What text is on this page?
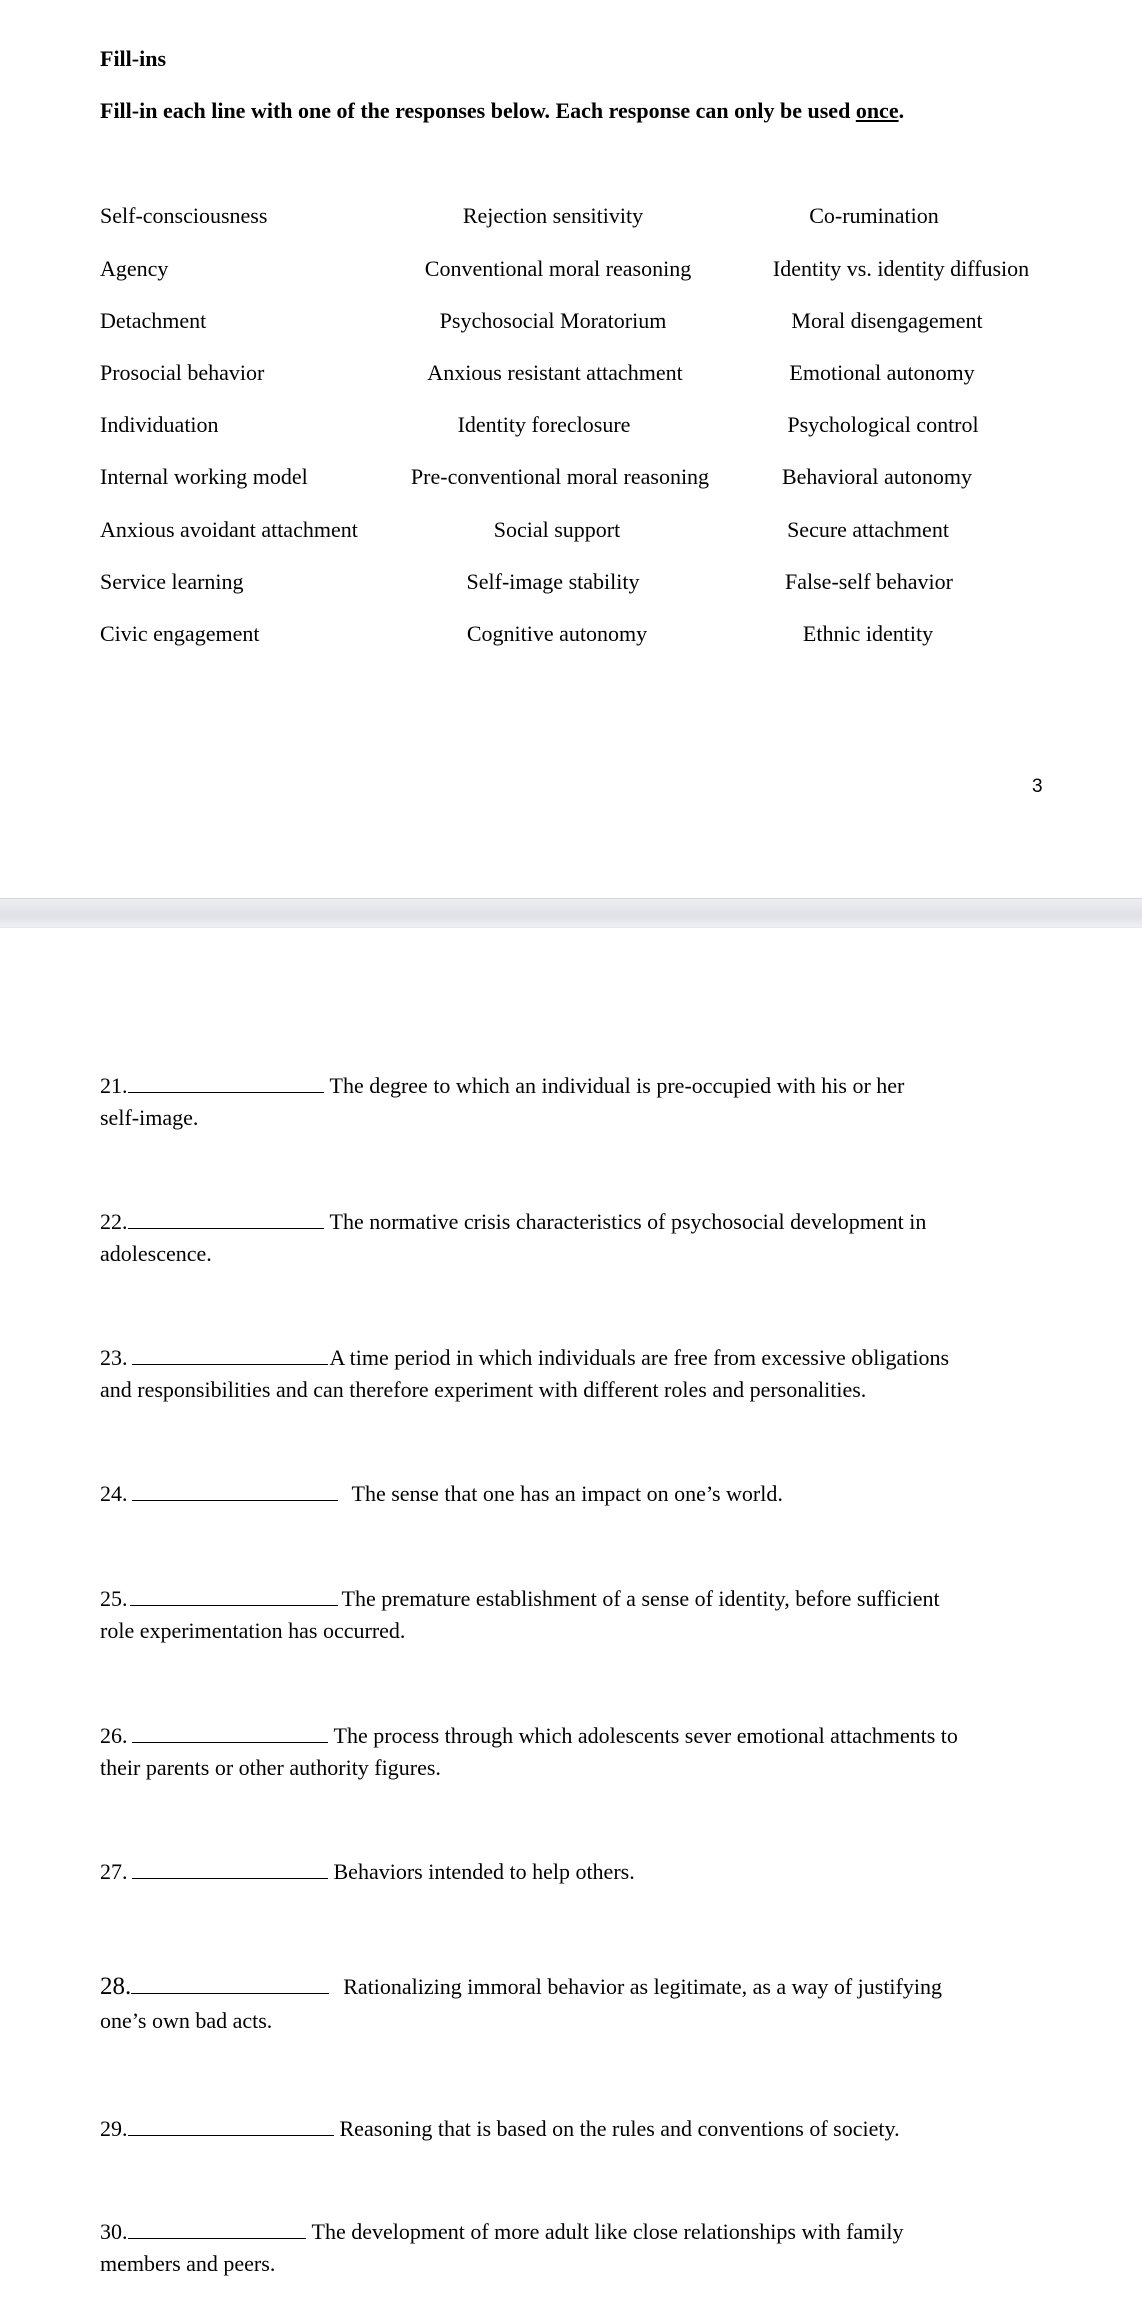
Fill-ins
Fill-in each line with one of the responses below. Each response can only be used once.
Self-consciousness	Rejection sensitivity	Co-rumination
Agency	Conventional moral reasoning	Identity vs. identity diffusion
Detachment	Psychosocial Moratorium	Moral disengagement
Prosocial behavior	Anxious resistant attachment	Emotional autonomy
Individuation	Identity foreclosure	Psychological control
Internal working model	Pre-conventional moral reasoning	Behavioral autonomy
Anxious avoidant attachment	Social support	Secure attachment
Service learning	Self-image stability	False-self behavior
Civic engagement	Cognitive autonomy	Ethnic identity
3
21.	The degree to which an individual is pre-occupied with his or her
self-image.
22.	The normative crisis characteristics of psychosocial development in
adolescence.
23.	A time period in which individuals are free from excessive obligations
and responsibilities and can therefore experiment with different roles and personalities.
24.	The sense that one has an impact on one’s world.
25.	The premature establishment of a sense of identity, before sufficient
role experimentation has occurred.
26.	The process through which adolescents sever emotional attachments to
their parents or other authority figures.
27.	Behaviors intended to help others.
28.	Rationalizing immoral behavior as legitimate, as a way of justifying
one’s own bad acts.
29.	Reasoning that is based on the rules and conventions of society.
30.	The development of more adult like close relationships with family
members and peers.
